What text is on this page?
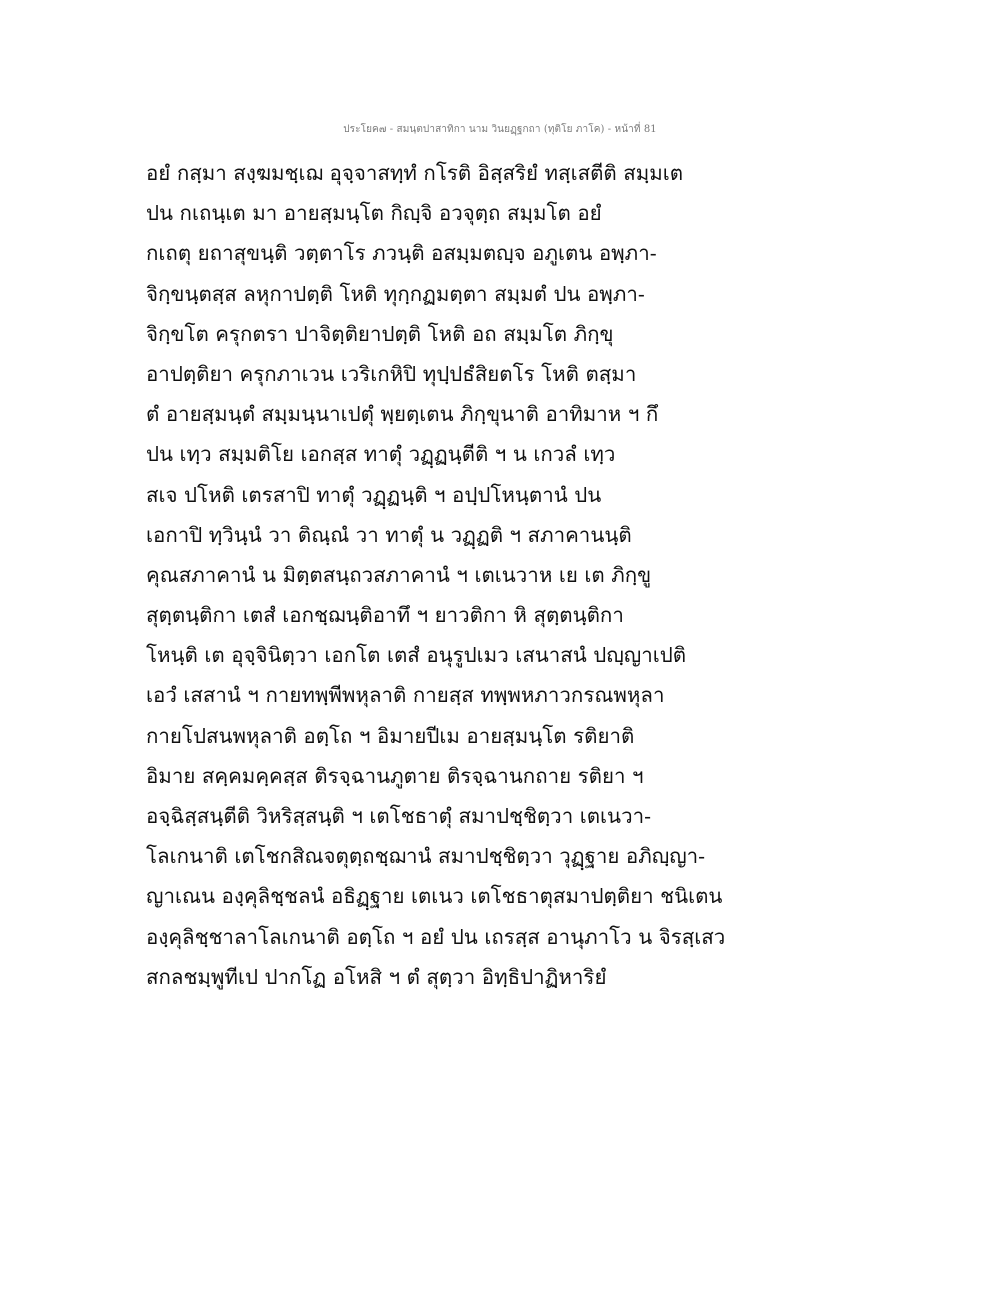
ประโยค๗ - สมนฺตปาสาทิกา นาม วินยฏฺฐกถา (ทุติโย ภาโค) - หน้าที่ 81
อยํ กสฺมา สงฺฆมชฺเฌ อุจฺจาสทฺทํ กโรติ อิสฺสริยํ ทสฺเสตีติ สมฺมเต
ปน กเถนฺเต มา อายสฺมนฺโต กิญฺจิ อวจุตฺถ สมฺมโต อยํ
กเถตุ ยถาสุขนฺติ วตฺตาโร ภวนฺติ อสมฺมตญฺจ อภูเตน อพฺภา-
จิกฺขนฺตสฺส ลหุกาปตฺติ โหติ ทุกฺกฏมตฺตา สมฺมตํ ปน อพฺภา-
จิกฺขโต ครุกตรา ปาจิตฺติยาปตฺติ โหติ อถ สมฺมโต ภิกฺขุ
อาปตฺติยา ครุกภาเวน เวริเกหิปิ ทุปฺปธํสิยตโร โหติ ตสฺมา
ตํ อายสฺมนฺตํ สมฺมนฺนาเปตุํ พฺยตฺเตน ภิกฺขุนาติ อาทิมาห ฯ กึ
ปน เทฺว สมฺมติโย เอกสฺส ทาตุํ วฏฺฏนฺตีติ ฯ น เกวลํ เทฺว
สเจ ปโหติ เตรสาปิ ทาตุํ วฏฺฏนฺติ ฯ อปฺปโหนฺตานํ ปน
เอกาปิ ทฺวินฺนํ วา ติณฺณํ วา ทาตุํ น วฏฺฏติ ฯ สภาคานนฺติ
คุณสภาคานํ น มิตฺตสนฺถวสภาคานํ ฯ เตเนวาห เย เต ภิกฺขู
สุตฺตนฺติกา เตสํ เอกชฺฌนฺติอาทึ ฯ ยาวติกา หิ สุตฺตนฺติกา
โหนฺติ เต อุจฺจินิตฺวา เอกโต เตสํ อนุรูปเมว เสนาสนํ ปญฺญาเปติ
เอวํ เสสานํ ฯ กายทพฺพีพหุลาติ กายสฺส ทพฺพหภาวกรณพหุลา
กายโปสนพหุลาติ อตฺโถ ฯ อิมายปีเม อายสฺมนฺโต รติยาติ
อิมาย สคฺคมคฺคสฺส ติรจฺฉานภูตาย ติรจฺฉานกถาย รติยา ฯ
อจฺฉิสฺสนฺตีติ วิหริสฺสนฺติ ฯ เตโชธาตุํ สมาปชฺชิตฺวา เตเนวา-
โลเกนาติ เตโชกสิณจตุตฺถชฺฌานํ สมาปชฺชิตฺวา วุฏฺฐาย อภิญฺญา-
ญาเณน องฺคุลิชฺชลนํ อธิฏฺฐาย เตเนว เตโชธาตุสมาปตฺติยา ชนิเตน
องฺคุลิชฺชาลาโลเกนาติ อตฺโถ ฯ อยํ ปน เถรสฺส อานุภาโว น จิรสฺเสว
สกลชมฺพูทีเป ปากโฏ อโหสิ ฯ ตํ สุตฺวา อิทฺธิปาฏิหาริยํ
